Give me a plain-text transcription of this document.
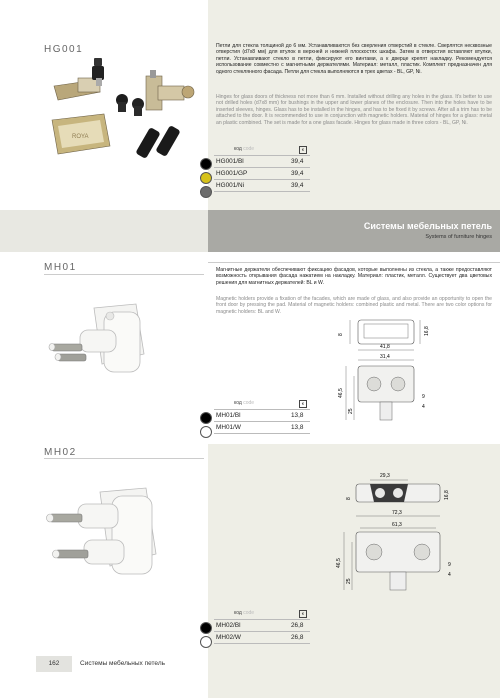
HG001
ROYA
Петли для стекла толщиной до 6 мм. Устанавливаются без сверления отверстий в стекле. Сверлятся несквозные отверстия (d7x8 мм) для втулок в верхней и нижней плоскостях шкафа. Затем в отверстия вставляют втулки, петли. Устанавливают стекло в петли, фиксируют его винтами, а к дверце крепят накладку. Рекомендуется использование совместно с магнитными держателями. Материал: металл, пластик. Комплект предназначен для одного стеклянного фасада. Петли для стекла выполняются в трех цветах - BL, GP, Ni.
Hinges for glass doors of thickness not more than 6 mm. Installed without drilling any holes in the glass. It's better to use not drilled holes (d7x8 mm) for bushings in the upper and lower planes of the enclosure. Then into the holes have to be inserted sleeves, hinges. Glass has to be installed in the hinges, and has to be fixed it by screws. After all a trim has to be attached to the door. It is recommended to use in conjunction with magnetic holders. Material of hinges for a glass: metal an plastic combined. The set is made for a one glass facade. Hinges for glass made in three colors - BL, GP, Ni.
код code	€
HG001/Bl	39,4
HG001/GP	39,4
HG001/Ni	39,4
Системы мебельных петель
Systems of furniture hinges
MH01	Магнитные держатели обеспечивают фиксацию фасадов, которые выполнены из стекла, а также предоставляют возможность открывания фасада нажатием на накладку. Материал: пластик, металл. Существует два цветовых решения для магнитных держателей: BL и W.
Magnetic holders provide a fixation of the facades, which are made of glass, and also provide an opportunity to open the front door by pressing the pad. Material of magnetic holders: combined plastic and metal. There are two color options for magnetic holders: BL and W.
8	16,8
41,8
31,4
46,5
25
9
4
код code	€
MH01/Bl	13,8
MH01/W	13,8
MH02
29,3
8	16,8
72,3
61,3
46,5
25
9
4
код code	€
MH02/Bl	26,8
MH02/W	26,8
162	Системы мебельных петель
